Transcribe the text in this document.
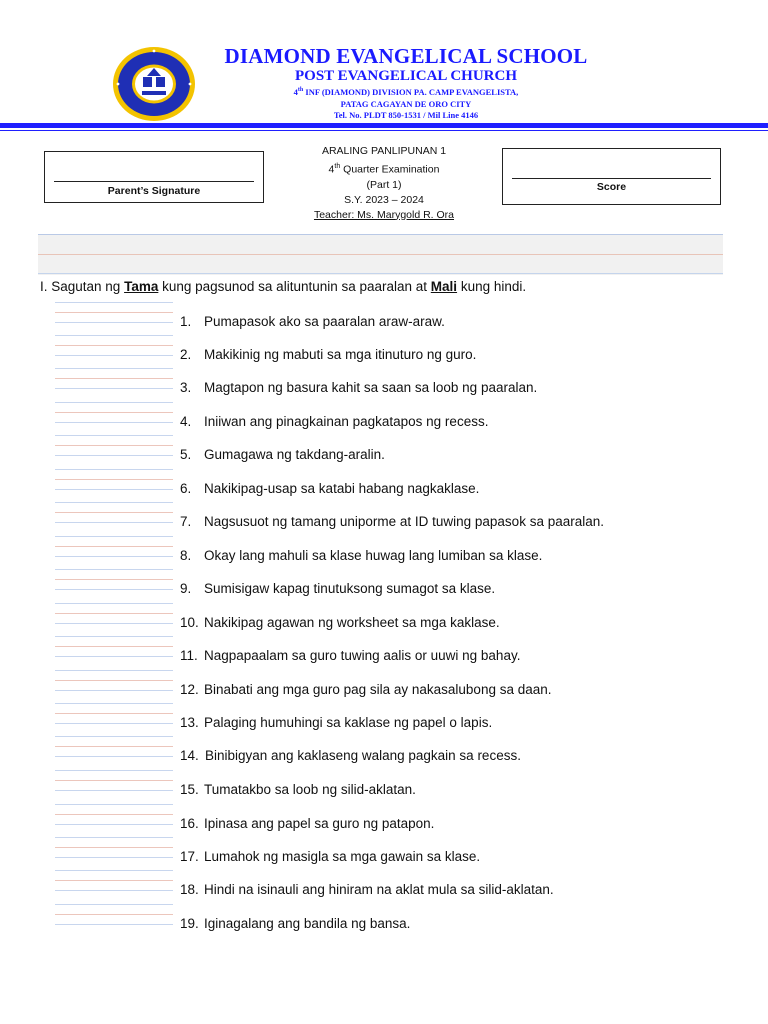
DIAMOND EVANGELICAL SCHOOL
POST EVANGELICAL CHURCH
4th INF (DIAMOND) DIVISION PA. CAMP EVANGELISTA,
PATAG CAGAYAN DE ORO CITY
Tel. No. PLDT 850-1531 / Mil Line 4146
Parent’s Signature
ARALING PANLIPUNAN 1
4th Quarter Examination
(Part 1)
S.Y. 2023 – 2024
Teacher: Ms. Marygold R. Ora
Score
I. Sagutan ng Tama kung pagsunod sa alituntunin sa paaralan at Mali kung hindi.
1. Pumapasok ako sa paaralan araw-araw.
2. Makikinig ng mabuti sa mga itinuturo ng guro.
3. Magtapon ng basura kahit sa saan sa loob ng paaralan.
4. Iniiwan ang pinagkainan pagkatapos ng recess.
5. Gumagawa ng takdang-aralin.
6. Nakikipag-usap sa katabi habang nagkaklase.
7. Nagsusuot ng tamang uniporme at ID tuwing papasok sa paaralan.
8. Okay lang mahuli sa klase huwag lang lumiban sa klase.
9. Sumisigaw kapag tinutuksong sumagot sa klase.
10. Nakikipag agawan ng worksheet sa mga kaklase.
11. Nagpapaalam sa guro tuwing aalis or uuwi ng bahay.
12. Binabati ang mga guro pag sila ay nakasalubong sa daan.
13. Palaging humuhingi sa kaklase ng papel o lapis.
14. Binibigyan ang kaklaseng walang pagkain sa recess.
15. Tumatakbo sa loob ng silid-aklatan.
16. Ipinasa ang papel sa guro ng patapon.
17. Lumahok ng masigla sa mga gawain sa klase.
18. Hindi na isinauli ang hiniram na aklat mula sa silid-aklatan.
19. Iginagalang ang bandila ng bansa.
